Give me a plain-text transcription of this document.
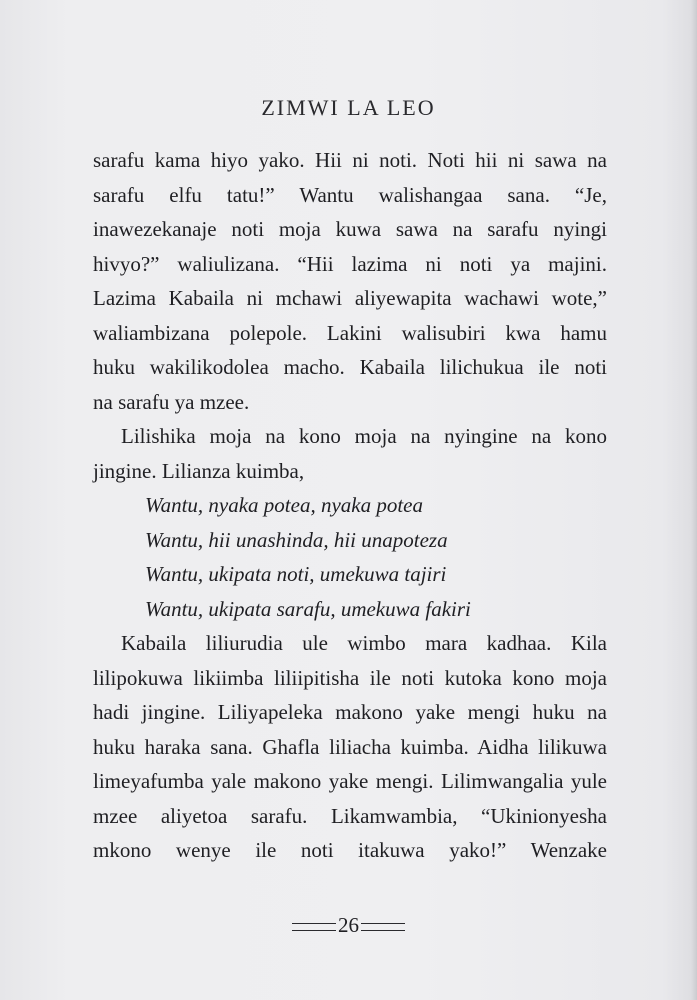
ZIMWI LA LEO
sarafu kama hiyo yako. Hii ni noti. Noti hii ni sawa na
sarafu elfu tatu!” Wantu walishangaa sana. “Je,
inawezekanaje noti moja kuwa sawa na sarafu nyingi
hivyo?” waliulizana. “Hii lazima ni noti ya majini.
Lazima Kabaila ni mchawi aliyewapita wachawi wote,”
waliambizana polepole. Lakini walisubiri kwa hamu
huku wakilikodolea macho. Kabaila lilichukua ile noti
na sarafu ya mzee.
Lilishika moja na kono moja na nyingine na kono
jingine. Lilianza kuimba,
Wantu, nyaka potea, nyaka potea
Wantu, hii unashinda, hii unapoteza
Wantu, ukipata noti, umekuwa tajiri
Wantu, ukipata sarafu, umekuwa fakiri
Kabaila liliurudia ule wimbo mara kadhaa. Kila
lilipokuwa likiimba liliipitisha ile noti kutoka kono moja
hadi jingine. Liliyapeleka makono yake mengi huku na
huku haraka sana. Ghafla liliacha kuimba. Aidha lilikuwa
limeyafumba yale makono yake mengi. Lilimwangalia yule
mzee aliyetoa sarafu. Likamwambia, “Ukinionyesha
mkono wenye ile noti itakuwa yako!” Wenzake
26
